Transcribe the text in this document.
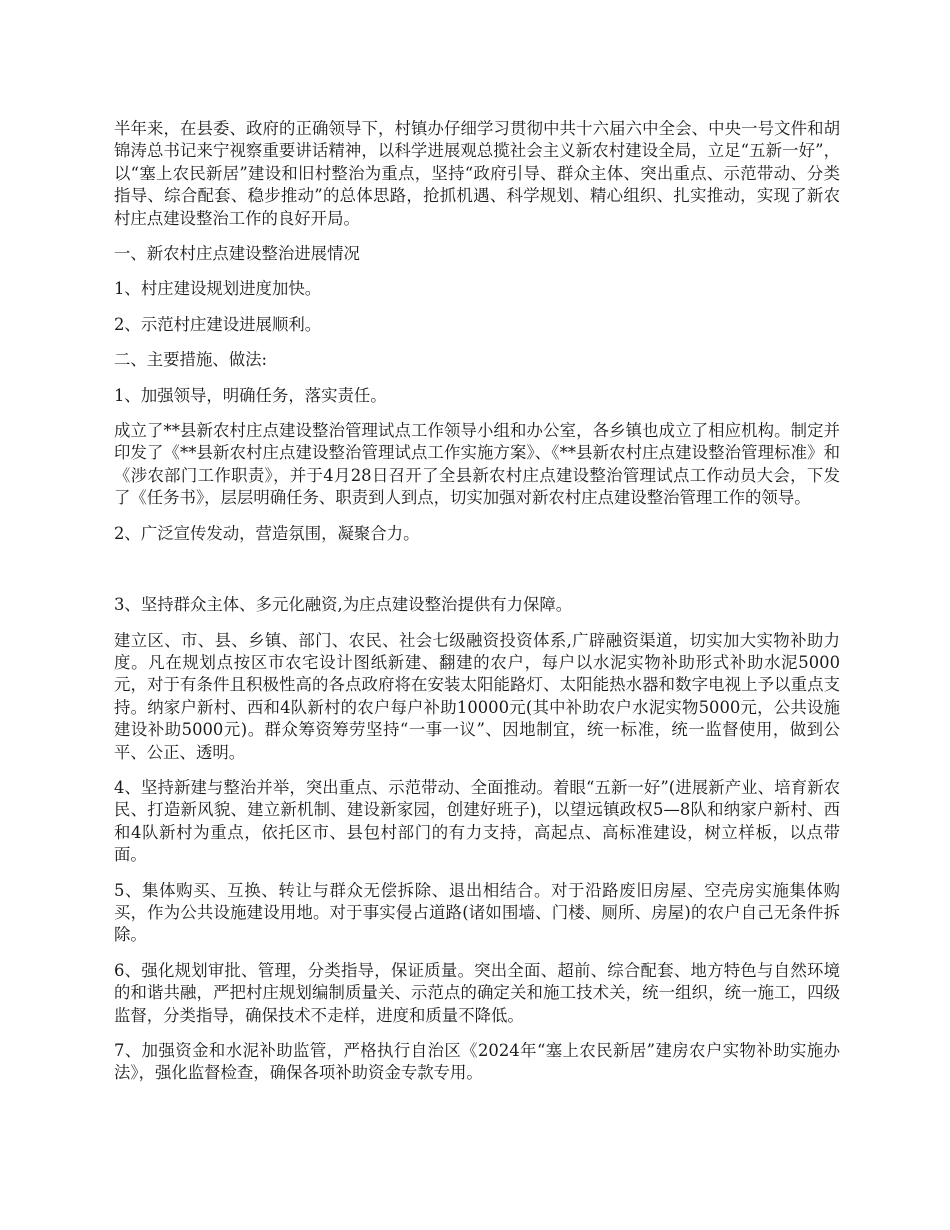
半年来，在县委、政府的正确领导下，村镇办仔细学习贯彻中共十六届六中全会、中央一号文件和胡锦涛总书记来宁视察重要讲话精神，以科学进展观总揽社会主义新农村建设全局，立足“五新一好”，以“塞上农民新居”建设和旧村整治为重点，坚持“政府引导、群众主体、突出重点、示范带动、分类指导、综合配套、稳步推动”的总体思路，抢抓机遇、科学规划、精心组织、扎实推动，实现了新农村庄点建设整治工作的良好开局。

一、新农村庄点建设整治进展情况

1、村庄建设规划进度加快。

2、示范村庄建设进展顺利。

二、主要措施、做法:

1、加强领导，明确任务，落实责任。

成立了**县新农村庄点建设整治管理试点工作领导小组和办公室，各乡镇也成立了相应机构。制定并印发了《**县新农村庄点建设整治管理试点工作实施方案》、《**县新农村庄点建设整治管理标准》和《涉农部门工作职责》，并于4月28日召开了全县新农村庄点建设整治管理试点工作动员大会，下发了《任务书》，层层明确任务、职责到人到点，切实加强对新农村庄点建设整治管理工作的领导。

2、广泛宣传发动，营造氛围，凝聚合力。

3、坚持群众主体、多元化融资,为庄点建设整治提供有力保障。

建立区、市、县、乡镇、部门、农民、社会七级融资投资体系,广辟融资渠道，切实加大实物补助力度。凡在规划点按区市农宅设计图纸新建、翻建的农户，每户以水泥实物补助形式补助水泥5000元，对于有条件且积极性高的各点政府将在安装太阳能路灯、太阳能热水器和数字电视上予以重点支持。纳家户新村、西和4队新村的农户每户补助10000元(其中补助农户水泥实物5000元，公共设施建设补助5000元)。群众筹资筹劳坚持“一事一议”、因地制宜，统一标准，统一监督使用，做到公平、公正、透明。

4、坚持新建与整治并举，突出重点、示范带动、全面推动。着眼“五新一好”(进展新产业、培育新农民、打造新风貌、建立新机制、建设新家园，创建好班子)，以望远镇政权5—8队和纳家户新村、西和4队新村为重点，依托区市、县包村部门的有力支持，高起点、高标准建设，树立样板，以点带面。

5、集体购买、互换、转让与群众无偿拆除、退出相结合。对于沿路废旧房屋、空壳房实施集体购买，作为公共设施建设用地。对于事实侵占道路(诸如围墙、门楼、厕所、房屋)的农户自己无条件拆除。

6、强化规划审批、管理，分类指导，保证质量。突出全面、超前、综合配套、地方特色与自然环境的和谐共融，严把村庄规划编制质量关、示范点的确定关和施工技术关，统一组织，统一施工，四级监督，分类指导，确保技术不走样，进度和质量不降低。

7、加强资金和水泥补助监管，严格执行自治区《2024年“塞上农民新居”建房农户实物补助实施办法》，强化监督检查，确保各项补助资金专款专用。
